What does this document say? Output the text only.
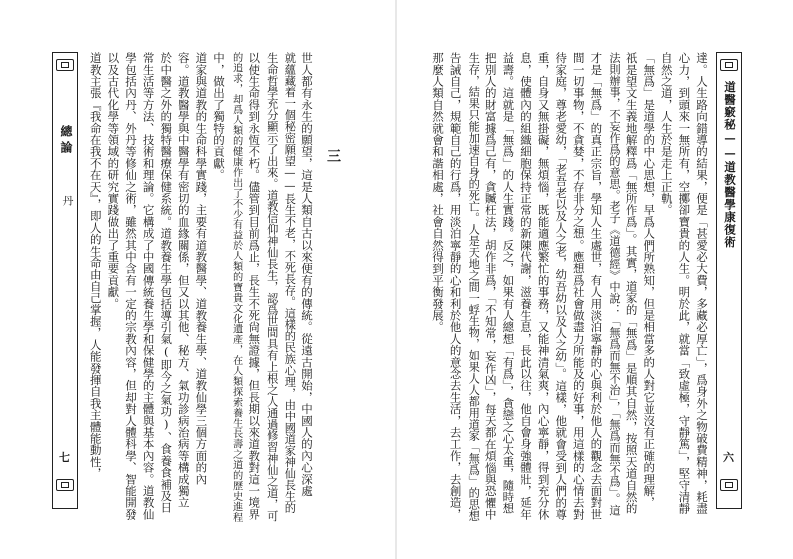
總論
丹
七	世人都有永生的願望，這是人類自古以來便有的傳統。從遠古開始，中國人的內心深處
就蘊藏着一個秘密願望——長生不老，不死長存。這樣的民族心理，由中國道家神仙長生的
生命哲學充分顯示了出來。道教信仰神仙長生，認爲世間具有上根之人通過修習神仙之道，可
以使生命得到永恆不朽。儘管到目前爲止，長生不死尙無證據，但長期以來道教對這一境界
的追求，却爲人類的健康作出了不少有益於人類的寶貴文化遺產，在人類探索養生長壽之道的歷史進程
中，做出了獨特的貢獻。
道家與道教的生命科學實踐，主要有道教醫學、道教養生學、道教仙學三個方面的內
容。道教醫學與中醫學有密切的血緣關係，但又以其他、秘方、氣功診病治病等構成獨立
於中醫之外的獨特醫療保健系統。道教養生學包括導引氣(即今之氣功)、食養食補及日
常生活等方法、技術和理論。它構成了中國傳統養生學和保健學的主體與基本內容。道教仙
學包括內丹、外丹等修仙之術，雖然其中含有一定的宗教內容，但却對人體科學、智能開發
以及古代化學等領域的研究實踐做出了重要貢獻。
道教主張『我命在我不在天』，即人的生命由自己掌握，人能發揮自我主體能動性，	三	達。人生路向錯導的結果，便是「甚愛必大費，多藏必厚亡」，爲身外之物破費精神，耗盡
心力，到頭來一無所有，空擲卻寶貴的人生。明於此，就當「致虛極，守靜篤」，堅守清靜
自然之道，人生於是走上正軌。
「無爲」是道學的中心思想，早爲人們所熟知，但是相當多的人對它並沒有正確的理解，
祇是望文生義地解釋爲「無所作爲」。其實，道家的「無爲」是順其自然，按照天道自然的
法則辦事，不妄作爲的意思。老子《道德經》中說：「無爲而無不治」，「無爲而無不爲」。這
才是「無爲」的真正宗旨，學知人生處世，有人用淡泊寧靜的心與利於他人的觀念去面對世
間一切事物，不貪婪，不存非分之想。應想爲社會做盡力所能及的好事，用這樣的心情去對
待家庭，尊老愛幼，「老吾老以及人之老，幼吾幼以及人之幼」。這樣，他就會受到人們的尊
重，自身又無掛礙，無煩惱，既能適應繁忙的事務，又能神清氣爽，內心寧靜，得到充分休
息，使體內的組織細胞保持正常的新陳代謝，滋養生息，長此以往，他自會身強體壯，延年
益壽。這就是「無爲」的人生實踐。反之，如果有人總想「有爲」，貪戀之心太重，隨時想
把別人的財富據爲己有，貪贓枉法，胡作非爲，「不知常，妄作凶」，每天都在煩惱與恐懼中
生存，結果只能加速自身的死亡。人是天地之間一蜉生物，如果人人都用道家「無爲」的思想
告誡自己，規範自己的行爲，用淡泊寧靜的心和利於他人的意念去生活，去工作，去創造，
那麼人類自然就會和諧相處，社會自然得到平衡發展。	道醫竅秘——道教醫學康復術
六
